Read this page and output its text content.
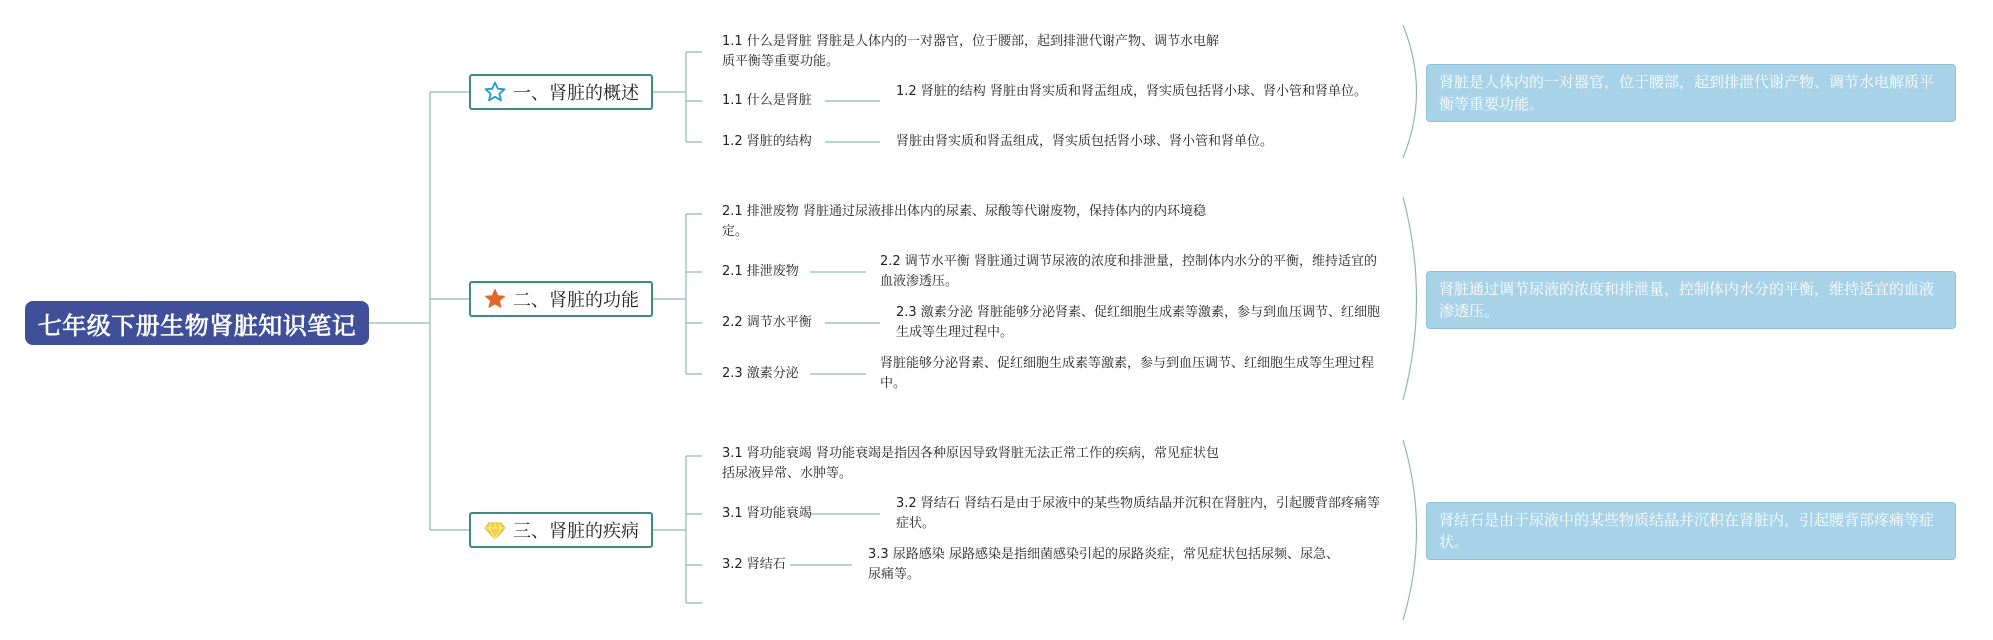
七年级下册生物肾脏知识笔记
一、肾脏的概述
1.1 什么是肾脏 肾脏是人体内的一对器官，位于腰部，起到排泄代谢产物、调节水电解质平衡等重要功能。
1.1 什么是肾脏
1.2 肾脏的结构 肾脏由肾实质和肾盂组成，肾实质包括肾小球、肾小管和肾单位。
1.2 肾脏的结构	肾脏由肾实质和肾盂组成，肾实质包括肾小球、肾小管和肾单位。
肾脏是人体内的一对器官，位于腰部，起到排泄代谢产物、调节水电解质平衡等重要功能。
二、肾脏的功能
2.1 排泄废物 肾脏通过尿液排出体内的尿素、尿酸等代谢废物，保持体内的内环境稳定。
2.1 排泄废物
2.2 调节水平衡 肾脏通过调节尿液的浓度和排泄量，控制体内水分的平衡，维持适宜的血液渗透压。
2.2 调节水平衡
2.3 激素分泌 肾脏能够分泌肾素、促红细胞生成素等激素，参与到血压调节、红细胞生成等生理过程中。
2.3 激素分泌
肾脏能够分泌肾素、促红细胞生成素等激素，参与到血压调节、红细胞生成等生理过程中。
肾脏通过调节尿液的浓度和排泄量，控制体内水分的平衡，维持适宜的血液渗透压。
三、肾脏的疾病
3.1 肾功能衰竭 肾功能衰竭是指因各种原因导致肾脏无法正常工作的疾病，常见症状包括尿液异常、水肿等。
3.1 肾功能衰竭
3.2 肾结石 肾结石是由于尿液中的某些物质结晶并沉积在肾脏内，引起腰背部疼痛等症状。
3.2 肾结石
3.3 尿路感染 尿路感染是指细菌感染引起的尿路炎症，常见症状包括尿频、尿急、尿痛等。
肾结石是由于尿液中的某些物质结晶并沉积在肾脏内，引起腰背部疼痛等症状。
